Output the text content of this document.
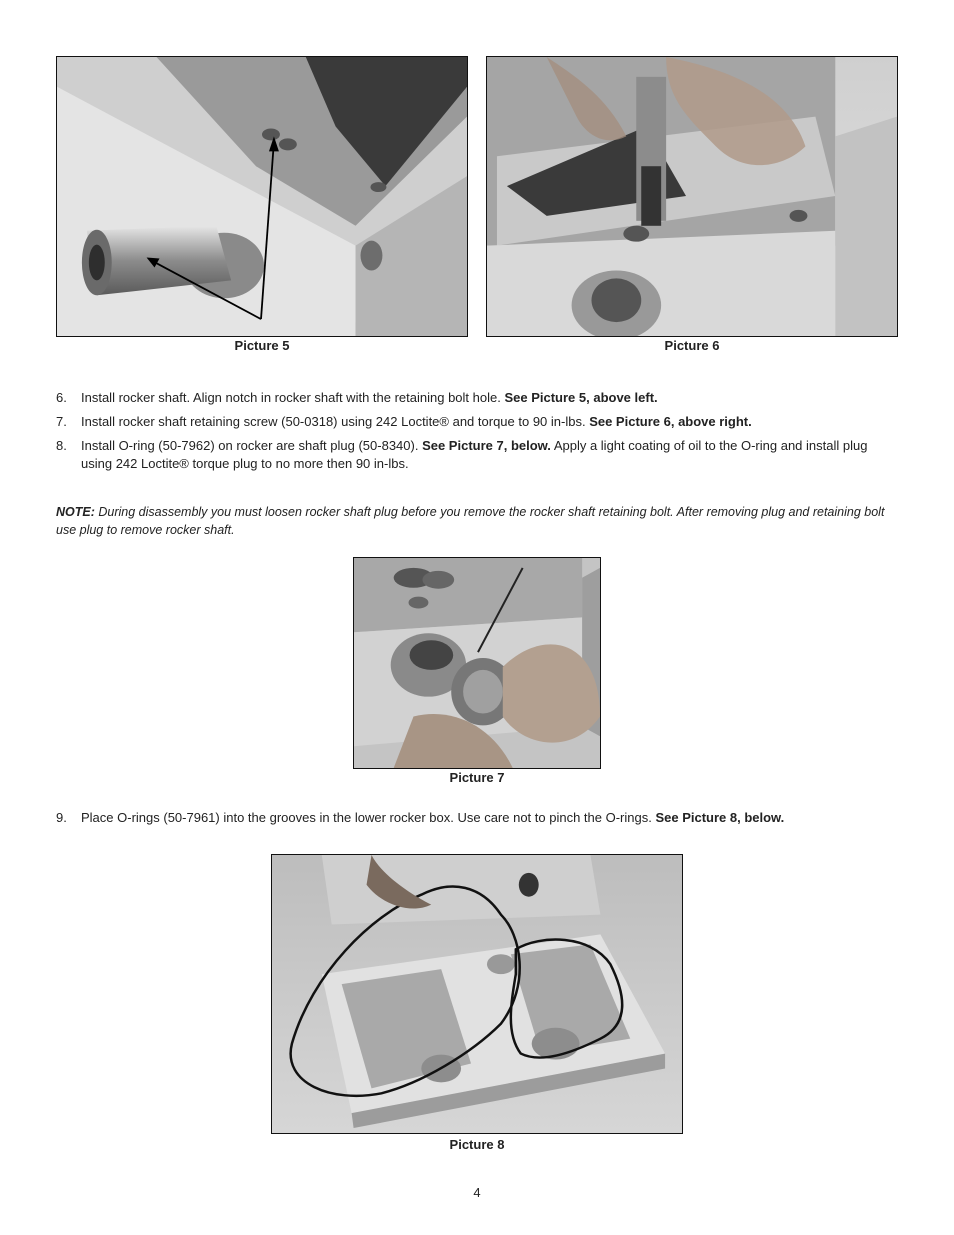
Picture 5	Picture 6
6. Install rocker shaft. Align notch in rocker shaft with the retaining bolt hole. See Picture 5, above left.
7. Install rocker shaft retaining screw (50-0318) using 242 Loctite® and torque to 90 in-lbs. See Picture 6, above right.
8. Install O-ring (50-7962) on rocker are shaft plug (50-8340). See Picture 7, below. Apply a light coating of oil to the O-ring and install plug using 242 Loctite® torque plug to no more then 90 in-lbs.
NOTE: During disassembly you must loosen rocker shaft plug before you remove the rocker shaft retaining bolt. After removing plug and retaining bolt use plug to remove rocker shaft.
Picture 7
9. Place O-rings (50-7961) into the grooves in the lower rocker box. Use care not to pinch the O-rings. See Picture 8, below.
Picture 8
4
